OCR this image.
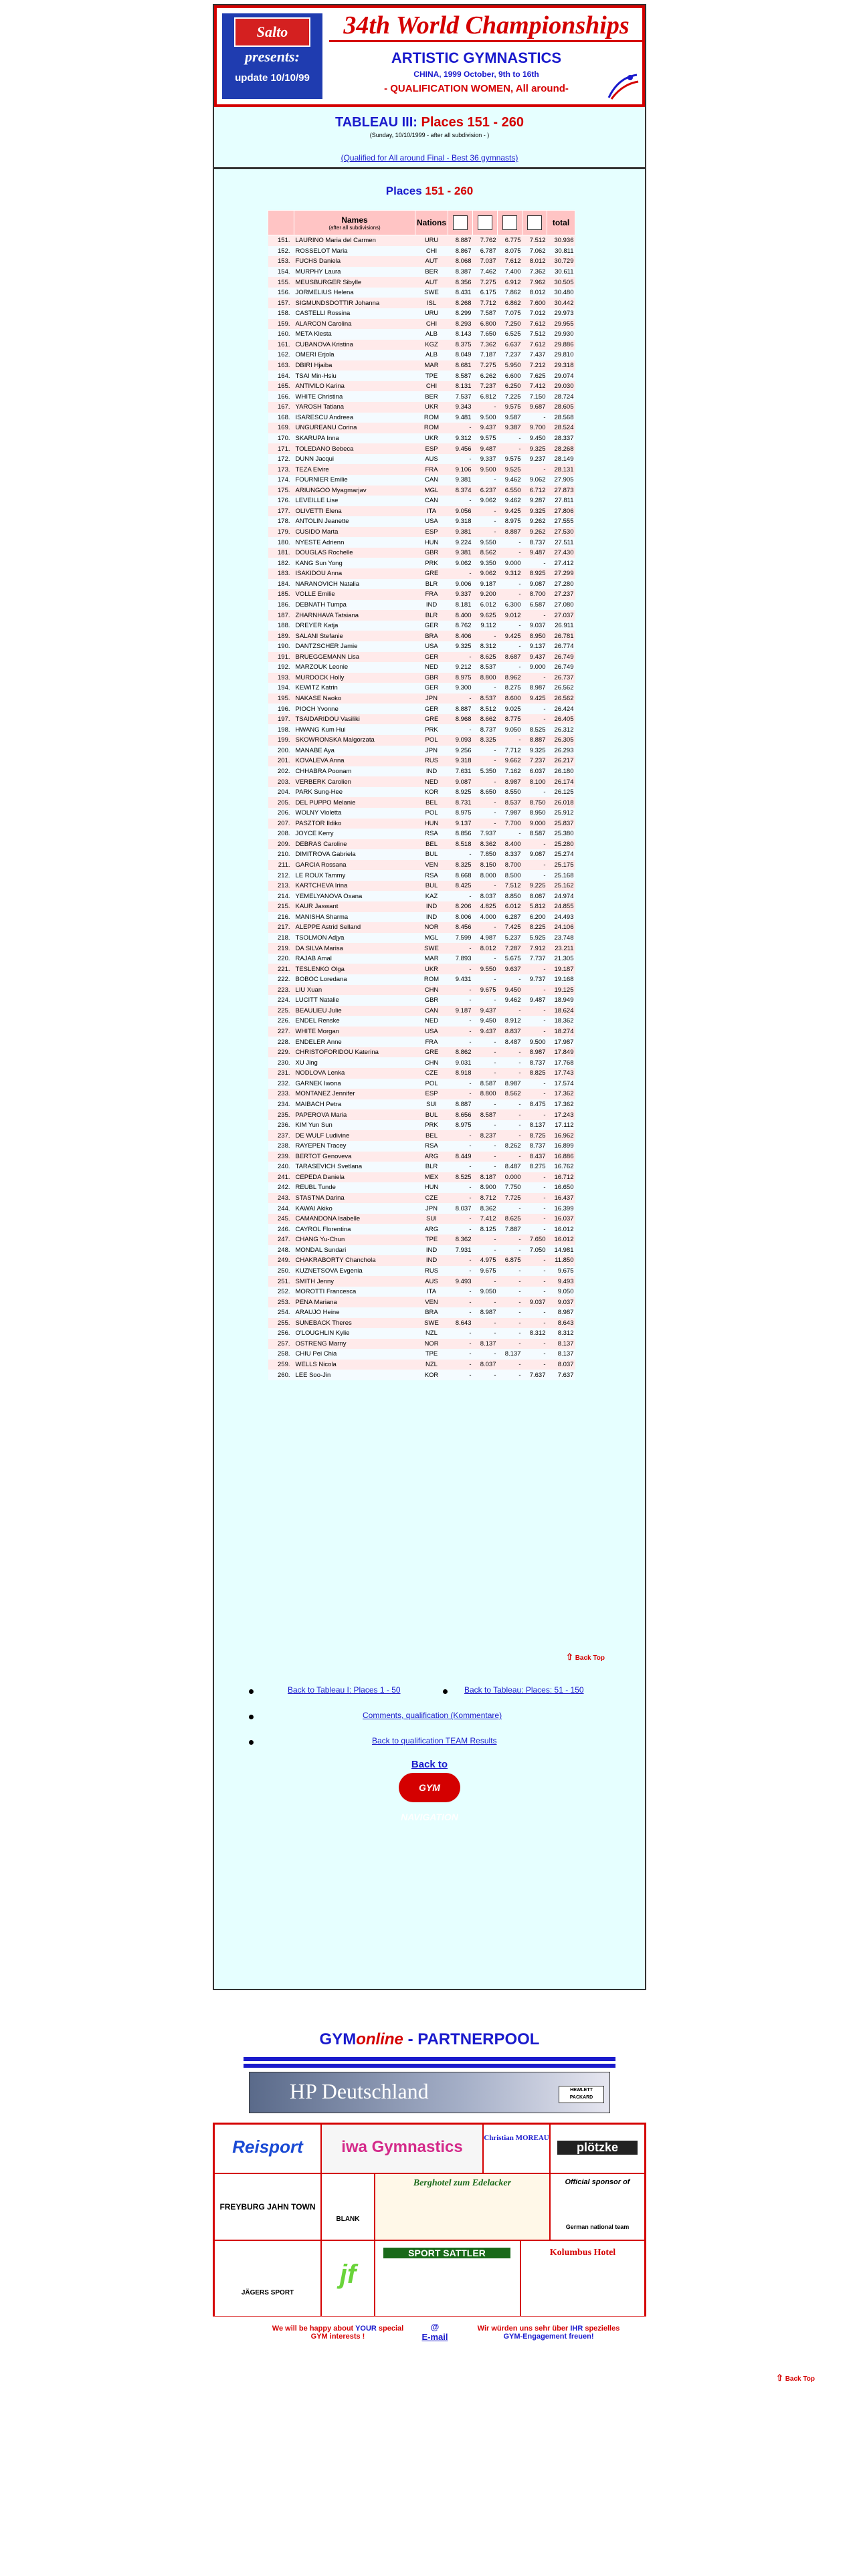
Salto
presents:
update 10/10/99
34th World Championships
ARTISTIC GYMNASTICS
CHINA, 1999 October, 9th to 16th
- QUALIFICATION WOMEN, All around-
TABLEAU III: Places 151 - 260
(Sunday, 10/10/1999 - after all subdivision - )
(Qualified for All around Final - Best 36 gymnasts)
Places 151 - 260
	Names
(after all subdivisions)	Nations					total
151.	LAURINO Maria del Carmen	URU	8.887	7.762	6.775	7.512	30.936
152.	ROSSELOT Maria	CHI	8.867	6.787	8.075	7.062	30.811
153.	FUCHS Daniela	AUT	8.068	7.037	7.612	8.012	30.729
154.	MURPHY Laura	BER	8.387	7.462	7.400	7.362	30.611
155.	MEUSBURGER Sibylle	AUT	8.356	7.275	6.912	7.962	30.505
156.	JORMELIUS Helena	SWE	8.431	6.175	7.862	8.012	30.480
157.	SIGMUNDSDOTTIR Johanna	ISL	8.268	7.712	6.862	7.600	30.442
158.	CASTELLI Rossina	URU	8.299	7.587	7.075	7.012	29.973
159.	ALARCON Carolina	CHI	8.293	6.800	7.250	7.612	29.955
160.	META Klesta	ALB	8.143	7.650	6.525	7.512	29.930
161.	CUBANOVA Kristina	KGZ	8.375	7.362	6.637	7.612	29.886
162.	OMERI Erjola	ALB	8.049	7.187	7.237	7.437	29.810
163.	DBIRI Hjaiba	MAR	8.681	7.275	5.950	7.212	29.318
164.	TSAI Min-Hsiu	TPE	8.587	6.262	6.600	7.625	29.074
165.	ANTIVILO Karina	CHI	8.131	7.237	6.250	7.412	29.030
166.	WHITE Christina	BER	7.537	6.812	7.225	7.150	28.724
167.	YAROSH Tatiana	UKR	9.343	-	9.575	9.687	28.605
168.	ISARESCU Andreea	ROM	9.481	9.500	9.587	-	28.568
169.	UNGUREANU Corina	ROM	-	9.437	9.387	9.700	28.524
170.	SKARUPA Inna	UKR	9.312	9.575	-	9.450	28.337
171.	TOLEDANO Bebeca	ESP	9.456	9.487	-	9.325	28.268
172.	DUNN Jacqui	AUS	-	9.337	9.575	9.237	28.149
173.	TEZA Elvire	FRA	9.106	9.500	9.525	-	28.131
174.	FOURNIER Emilie	CAN	9.381	-	9.462	9.062	27.905
175.	ARIUNGOO Myagmarjav	MGL	8.374	6.237	6.550	6.712	27.873
176.	LEVEILLE Lise	CAN	-	9.062	9.462	9.287	27.811
177.	OLIVETTI Elena	ITA	9.056	-	9.425	9.325	27.806
178.	ANTOLIN Jeanette	USA	9.318	-	8.975	9.262	27.555
179.	CUSIDO Marta	ESP	9.381	-	8.887	9.262	27.530
180.	NYESTE Adrienn	HUN	9.224	9.550	-	8.737	27.511
181.	DOUGLAS Rochelle	GBR	9.381	8.562	-	9.487	27.430
182.	KANG Sun Yong	PRK	9.062	9.350	9.000	-	27.412
183.	ISAKIDOU Anna	GRE	-	9.062	9.312	8.925	27.299
184.	NARANOVICH Natalia	BLR	9.006	9.187	-	9.087	27.280
185.	VOLLE Emilie	FRA	9.337	9.200	-	8.700	27.237
186.	DEBNATH Tumpa	IND	8.181	6.012	6.300	6.587	27.080
187.	ZHARNHAVA Tatsiana	BLR	8.400	9.625	9.012	-	27.037
188.	DREYER Katja	GER	8.762	9.112	-	9.037	26.911
189.	SALANI Stefanie	BRA	8.406	-	9.425	8.950	26.781
190.	DANTZSCHER Jamie	USA	9.325	8.312	-	9.137	26.774
191.	BRUEGGEMANN Lisa	GER	-	8.625	8.687	9.437	26.749
192.	MARZOUK Leonie	NED	9.212	8.537	-	9.000	26.749
193.	MURDOCK Holly	GBR	8.975	8.800	8.962	-	26.737
194.	KEWITZ Katrin	GER	9.300	-	8.275	8.987	26.562
195.	NAKASE Naoko	JPN	-	8.537	8.600	9.425	26.562
196.	PIOCH Yvonne	GER	8.887	8.512	9.025	-	26.424
197.	TSAIDARIDOU Vasiliki	GRE	8.968	8.662	8.775	-	26.405
198.	HWANG Kum Hui	PRK	-	8.737	9.050	8.525	26.312
199.	SKOWRONSKA Malgorzata	POL	9.093	8.325	-	8.887	26.305
200.	MANABE Aya	JPN	9.256	-	7.712	9.325	26.293
201.	KOVALEVA Anna	RUS	9.318	-	9.662	7.237	26.217
202.	CHHABRA Poonam	IND	7.631	5.350	7.162	6.037	26.180
203.	VERBERK Carolien	NED	9.087	-	8.987	8.100	26.174
204.	PARK Sung-Hee	KOR	8.925	8.650	8.550	-	26.125
205.	DEL PUPPO Melanie	BEL	8.731	-	8.537	8.750	26.018
206.	WOLNY Violetta	POL	8.975	-	7.987	8.950	25.912
207.	PASZTOR Ildiko	HUN	9.137	-	7.700	9.000	25.837
208.	JOYCE Kerry	RSA	8.856	7.937	-	8.587	25.380
209.	DEBRAS Caroline	BEL	8.518	8.362	8.400	-	25.280
210.	DIMITROVA Gabriela	BUL	-	7.850	8.337	9.087	25.274
211.	GARCIA Rossana	VEN	8.325	8.150	8.700	-	25.175
212.	LE ROUX Tammy	RSA	8.668	8.000	8.500	-	25.168
213.	KARTCHEVA Irina	BUL	8.425	-	7.512	9.225	25.162
214.	YEMELYANOVA Oxana	KAZ	-	8.037	8.850	8.087	24.974
215.	KAUR Jaswant	IND	8.206	4.825	6.012	5.812	24.855
216.	MANISHA Sharma	IND	8.006	4.000	6.287	6.200	24.493
217.	ALEPPE Astrid Selland	NOR	8.456	-	7.425	8.225	24.106
218.	TSOLMON Adjya	MGL	7.599	4.987	5.237	5.925	23.748
219.	DA SILVA Marisa	SWE	-	8.012	7.287	7.912	23.211
220.	RAJAB Amal	MAR	7.893	-	5.675	7.737	21.305
221.	TESLENKO Olga	UKR	-	9.550	9.637	-	19.187
222.	BOBOC Loredana	ROM	9.431	-	-	9.737	19.168
223.	LIU Xuan	CHN	-	9.675	9.450	-	19.125
224.	LUCITT Natalie	GBR	-	-	9.462	9.487	18.949
225.	BEAULIEU Julie	CAN	9.187	9.437	-	-	18.624
226.	ENDEL Renske	NED	-	9.450	8.912	-	18.362
227.	WHITE Morgan	USA	-	9.437	8.837	-	18.274
228.	ENDELER Anne	FRA	-	-	8.487	9.500	17.987
229.	CHRISTOFORIDOU Katerina	GRE	8.862	-	-	8.987	17.849
230.	XU Jing	CHN	9.031	-	-	8.737	17.768
231.	NODLOVA Lenka	CZE	8.918	-	-	8.825	17.743
232.	GARNEK Iwona	POL	-	8.587	8.987	-	17.574
233.	MONTANEZ Jennifer	ESP	-	8.800	8.562	-	17.362
234.	MAIBACH Petra	SUI	8.887	-	-	8.475	17.362
235.	PAPEROVA Maria	BUL	8.656	8.587	-	-	17.243
236.	KIM Yun Sun	PRK	8.975	-	-	8.137	17.112
237.	DE WULF Ludivine	BEL	-	8.237	-	8.725	16.962
238.	RAYEPEN Tracey	RSA	-	-	8.262	8.737	16.899
239.	BERTOT Genoveva	ARG	8.449	-	-	8.437	16.886
240.	TARASEVICH Svetlana	BLR	-	-	8.487	8.275	16.762
241.	CEPEDA Daniela	MEX	8.525	8.187	0.000	-	16.712
242.	REUBL Tunde	HUN	-	8.900	7.750	-	16.650
243.	STASTNA Darina	CZE	-	8.712	7.725	-	16.437
244.	KAWAI Akiko	JPN	8.037	8.362	-	-	16.399
245.	CAMANDONA Isabelle	SUI	-	7.412	8.625	-	16.037
246.	CAYROL Florentina	ARG	-	8.125	7.887	-	16.012
247.	CHANG Yu-Chun	TPE	8.362	-	-	7.650	16.012
248.	MONDAL Sundari	IND	7.931	-	-	7.050	14.981
249.	CHAKRABORTY Chanchola	IND	-	4.975	6.875	-	11.850
250.	KUZNETSOVA Evgenia	RUS	-	9.675	-	-	9.675
251.	SMITH Jenny	AUS	9.493	-	-	-	9.493
252.	MOROTTI Francesca	ITA	-	9.050	-	-	9.050
253.	PENA Mariana	VEN	-	-	-	9.037	9.037
254.	ARAUJO Heine	BRA	-	8.987	-	-	8.987
255.	SUNEBACK Theres	SWE	8.643	-	-	-	8.643
256.	O'LOUGHLIN Kylie	NZL	-	-	-	8.312	8.312
257.	OSTRENG Marny	NOR	-	8.137	-	-	8.137
258.	CHIU Pei Chia	TPE	-	-	8.137	-	8.137
259.	WELLS Nicola	NZL	-	8.037	-	-	8.037
260.	LEE Soo-Jin	KOR	-	-	-	7.637	7.637
⇧ Back Top
Back to Tableau I: Places 1 - 50	Back to Tableau: Places: 51 - 150
Comments, qualification (Kommentare)
Back to qualification TEAM Results
Back to
GYM NAVIGATION
GYMonline - PARTNERPOOL
HP Deutschland	HEWLETT PACKARD
Reisport	iwa Gymnastics	Christian MOREAU
plötzke
FREYBURG JAHN TOWN
BLANK
Berghotel zum Edelacker	Official sponsor of
German national team
JÄGERS SPORT
jf
SPORT SATTLER	Kolumbus Hotel
We will be happy about YOUR special
GYM interests !
@
E-mail
Wir würden uns sehr über IHR spezielles
GYM-Engagement freuen!
⇧ Back Top
